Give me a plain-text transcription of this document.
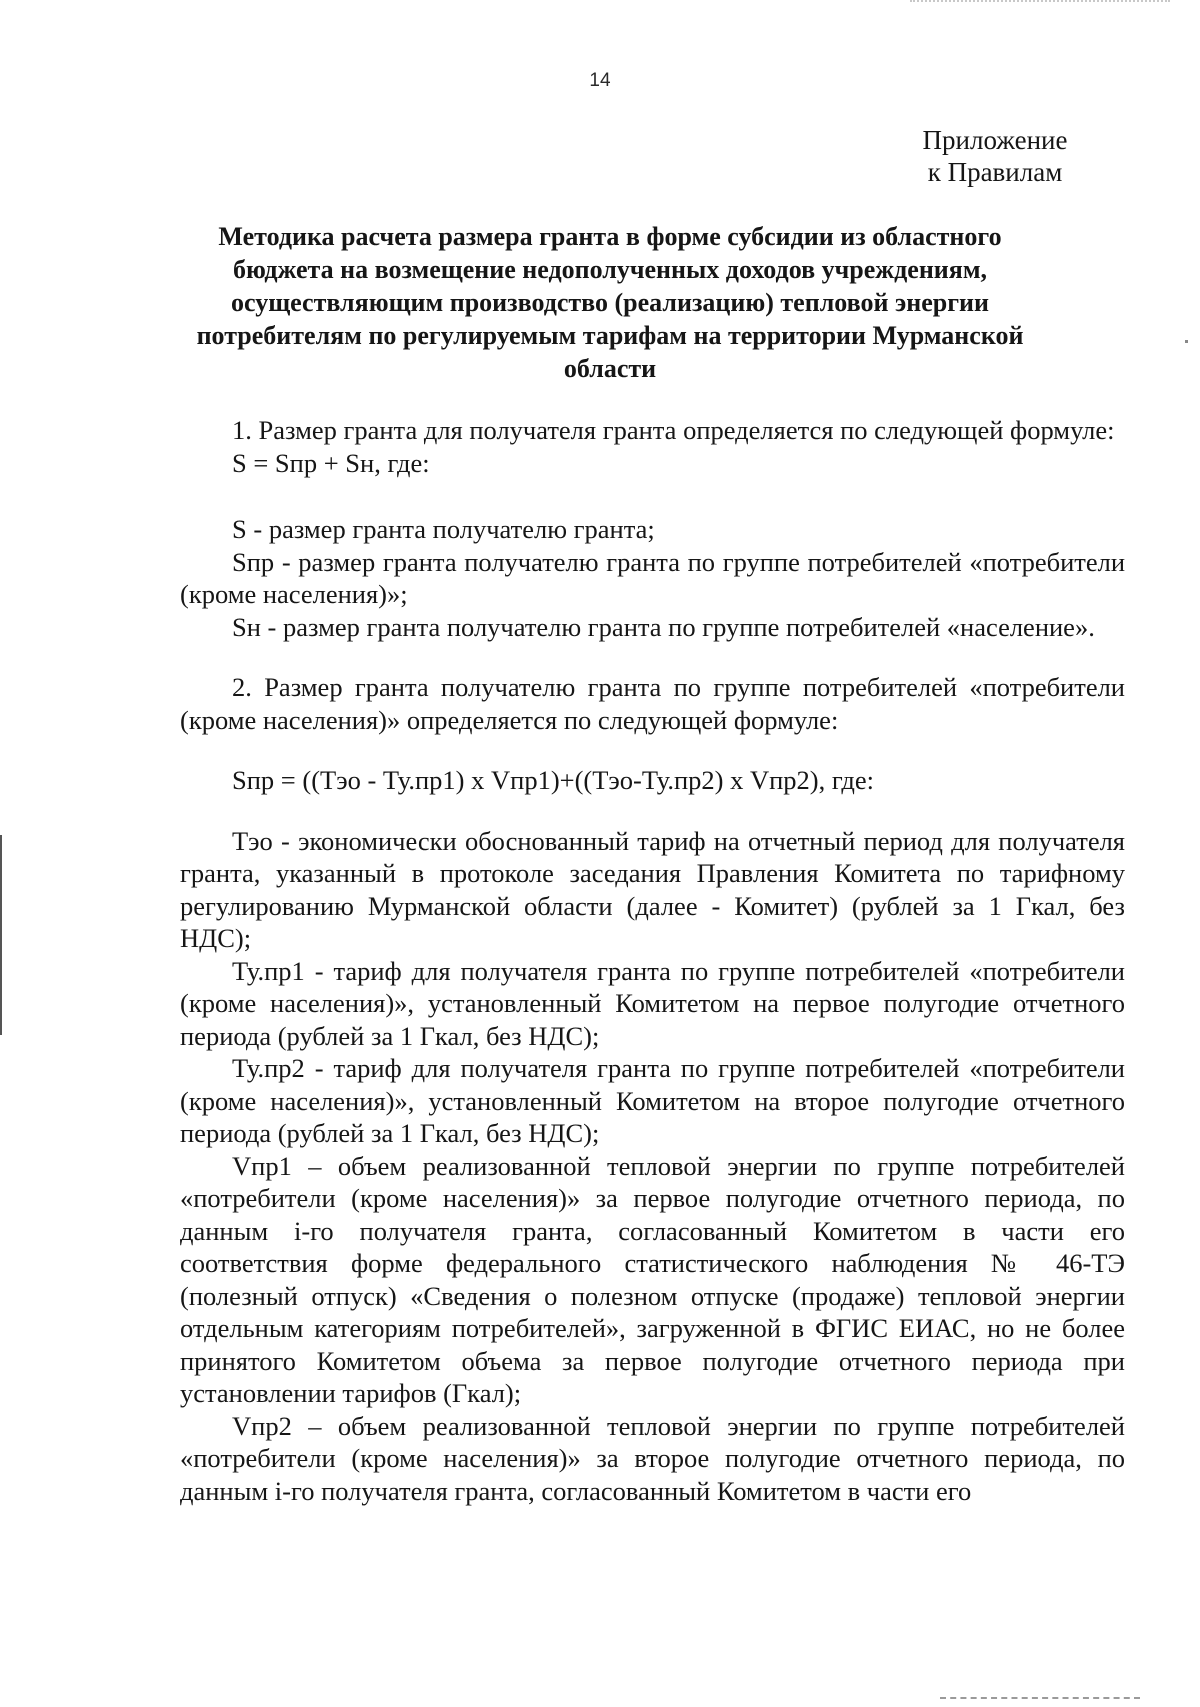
14
Приложение
к Правилам
Методика расчета размера гранта в форме субсидии из областного бюджета на возмещение недополученных доходов учреждениям, осуществляющим производство (реализацию) тепловой энергии потребителям по регулируемым тарифам на территории Мурманской области

1. Размер гранта для получателя гранта определяется по следующей формуле:

S = Sпр + Sн, где:

S - размер гранта получателю гранта;

Sпр - размер гранта получателю гранта по группе потребителей «потребители (кроме населения)»;

Sн - размер гранта получателю гранта по группе потребителей «население».

2. Размер гранта получателю гранта по группе потребителей «потребители (кроме населения)» определяется по следующей формуле:

Sпр = ((Тэо - Ту.пр1) х Vпр1)+((Тэо-Ту.пр2) х Vпр2), где:

Тэо - экономически обоснованный тариф на отчетный период для получателя гранта, указанный в протоколе заседания Правления Комитета по тарифному регулированию Мурманской области (далее - Комитет) (рублей за 1 Гкал, без НДС);

Ту.пр1 - тариф для получателя гранта по группе потребителей «потребители (кроме населения)», установленный Комитетом на первое полугодие отчетного периода (рублей за 1 Гкал, без НДС);

Ту.пр2 - тариф для получателя гранта по группе потребителей «потребители (кроме населения)», установленный Комитетом на второе полугодие отчетного периода (рублей за 1 Гкал, без НДС);

Vпр1 – объем реализованной тепловой энергии по группе потребителей «потребители (кроме населения)» за первое полугодие отчетного периода, по данным i-го получателя гранта, согласованный Комитетом в части его соответствия форме федерального статистического наблюдения № 46-ТЭ (полезный отпуск) «Сведения о полезном отпуске (продаже) тепловой энергии отдельным категориям потребителей», загруженной в ФГИС ЕИАС, но не более принятого Комитетом объема за первое полугодие отчетного периода при установлении тарифов (Гкал);

Vпр2 – объем реализованной тепловой энергии по группе потребителей «потребители (кроме населения)» за второе полугодие отчетного периода, по данным i-го получателя гранта, согласованный Комитетом в части его
